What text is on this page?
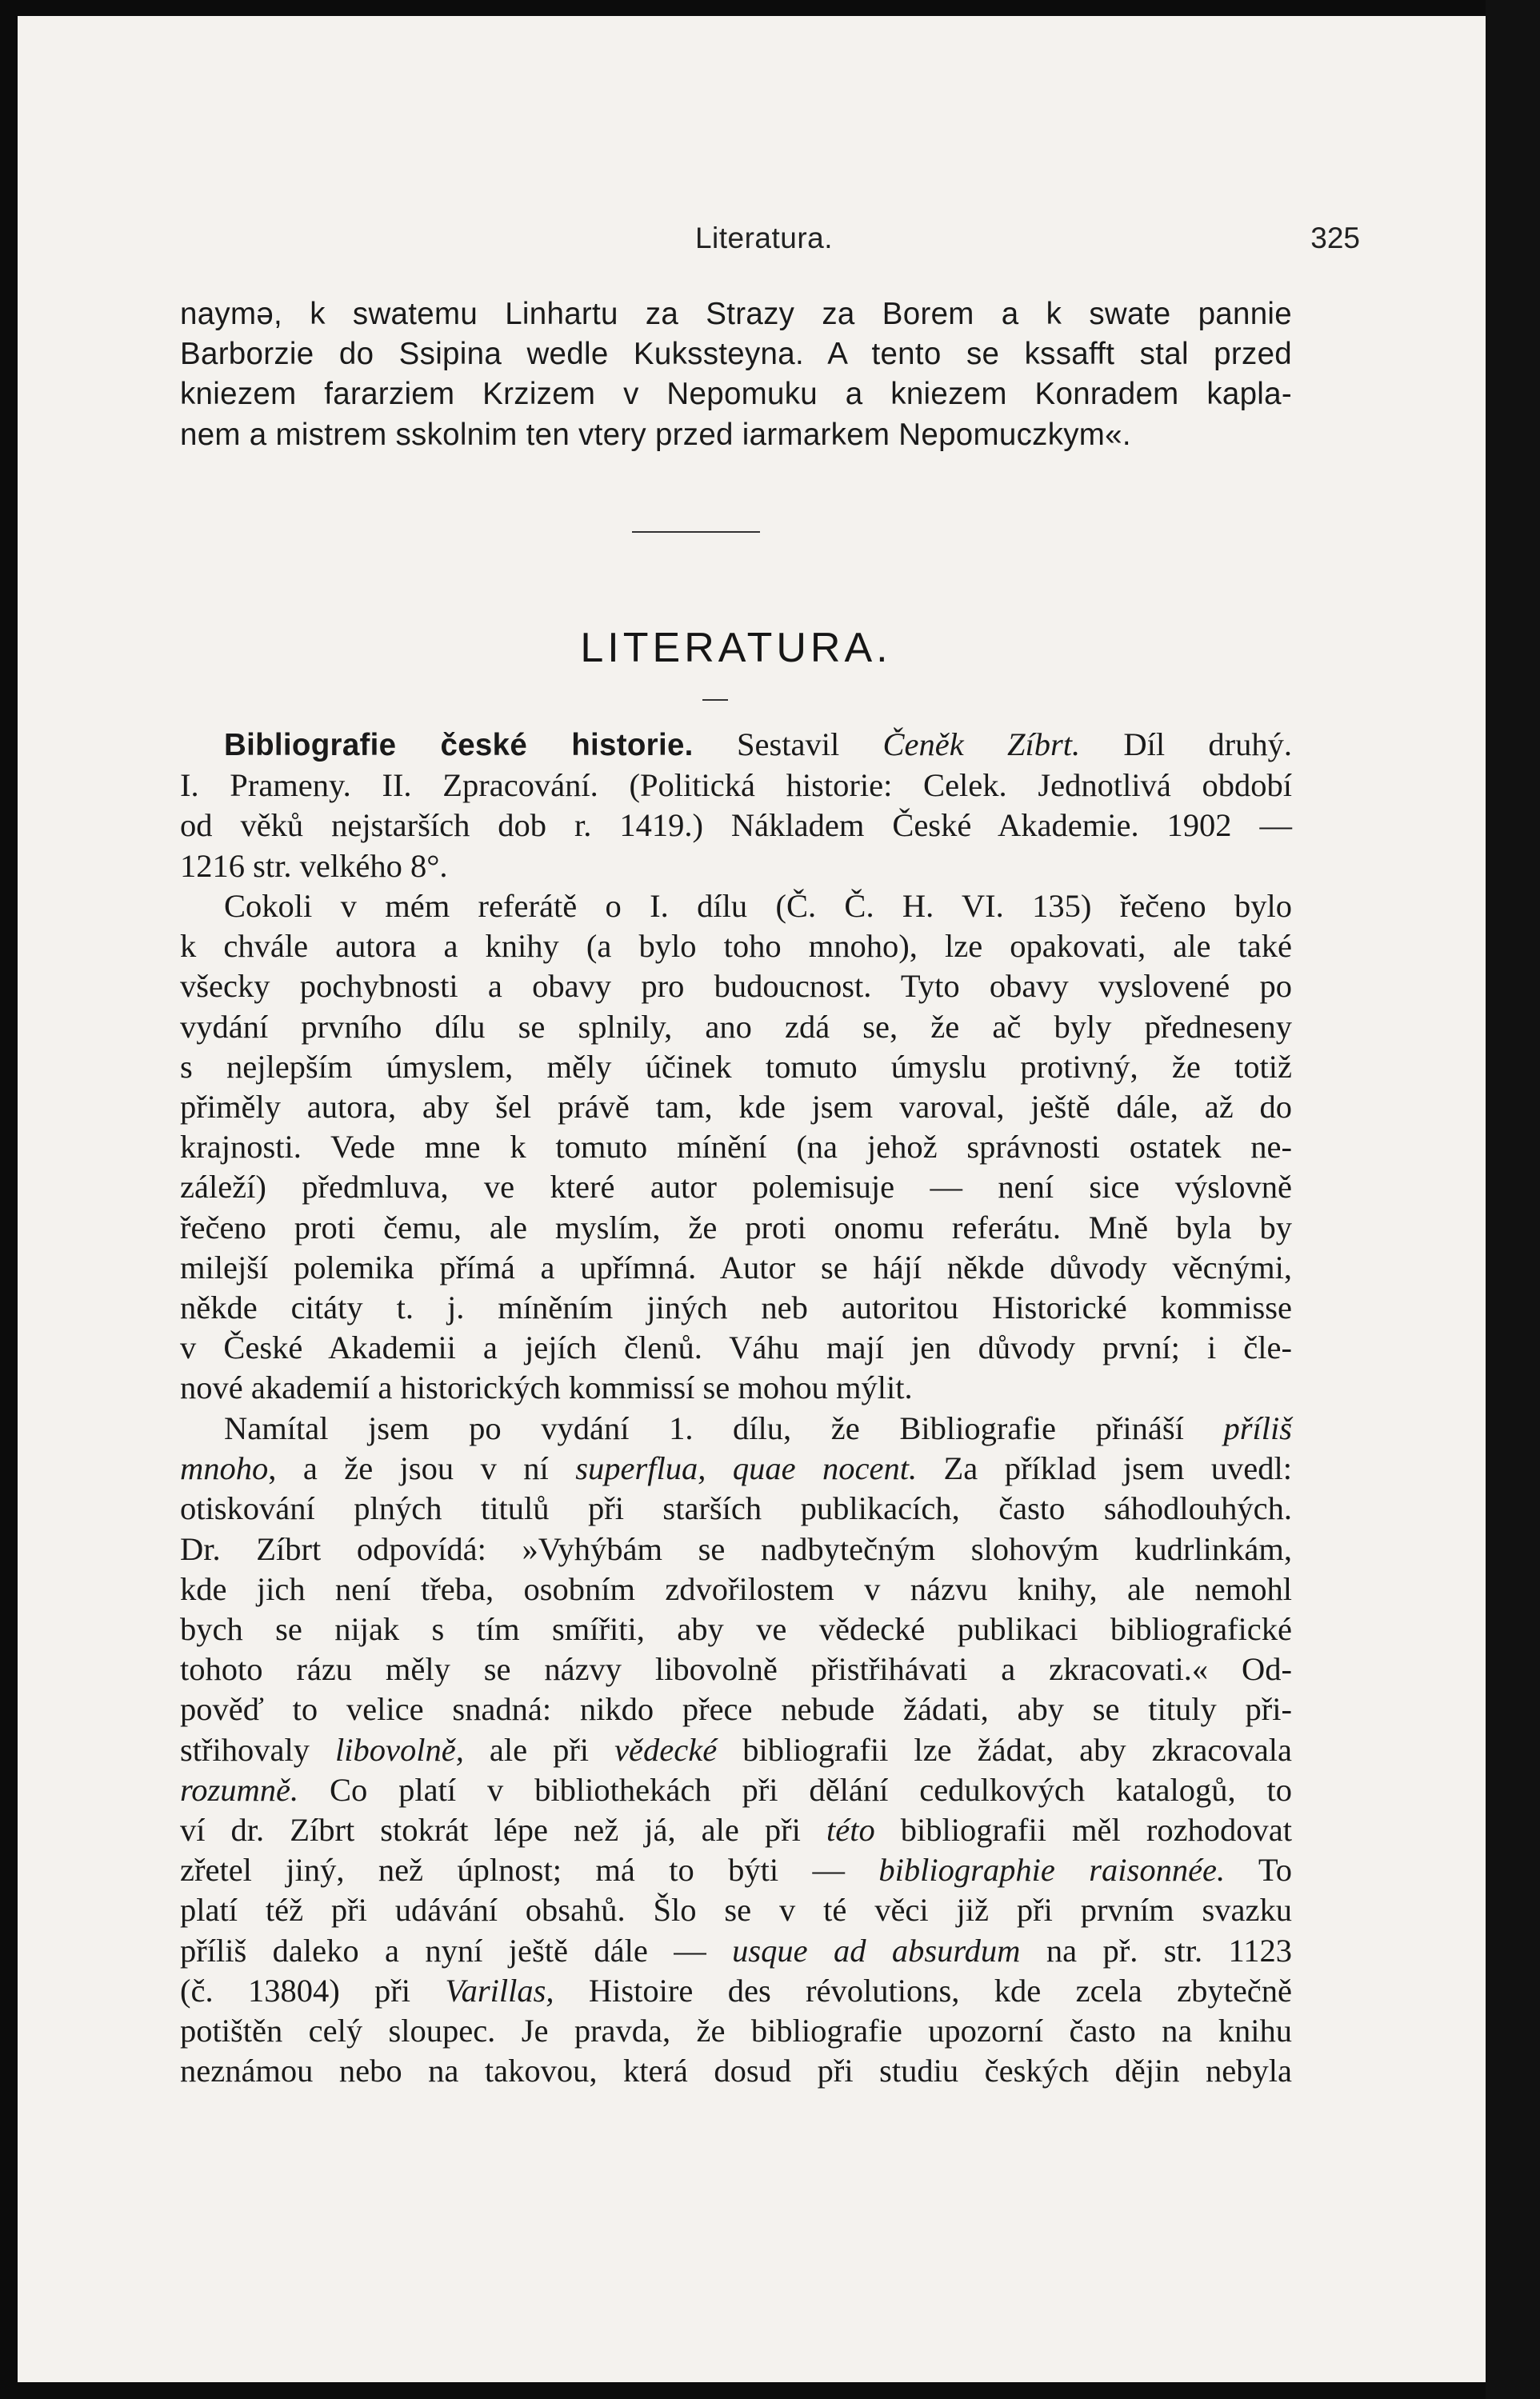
Literatura.	325
naymə, k swatemu Linhartu za Strazy za Borem a k swate pannie
Barborzie do Ssipina wedle Kukssteyna. A tento se kssafft stal przed
kniezem fararziem Krzizem v Nepomuku a kniezem Konradem kapla-
nem a mistrem sskolnim ten vtery przed iarmarkem Nepomuczkym«.
LITERATURA.
Bibliografie české historie. Sestavil Čeněk Zíbrt. Díl druhý.
I. Prameny. II. Zpracování. (Politická historie: Celek. Jednotlivá období
od věků nejstarších dob r. 1419.) Nákladem České Akademie. 1902 —
1216 str. velkého 8°.
Cokoli v mém referátě o I. dílu (Č. Č. H. VI. 135) řečeno bylo
k chvále autora a knihy (a bylo toho mnoho), lze opakovati, ale také
všecky pochybnosti a obavy pro budoucnost. Tyto obavy vyslovené po
vydání prvního dílu se splnily, ano zdá se, že ač byly předneseny
s nejlepším úmyslem, měly účinek tomuto úmyslu protivný, že totiž
přiměly autora, aby šel právě tam, kde jsem varoval, ještě dále, až do
krajnosti. Vede mne k tomuto mínění (na jehož správnosti ostatek ne-
záleží) předmluva, ve které autor polemisuje — není sice výslovně
řečeno proti čemu, ale myslím, že proti onomu referátu. Mně byla by
milejší polemika přímá a upřímná. Autor se hájí někde důvody věcnými,
někde citáty t. j. míněním jiných neb autoritou Historické kommisse
v České Akademii a jejích členů. Váhu mají jen důvody první; i čle-
nové akademií a historických kommissí se mohou mýlit.
Namítal jsem po vydání 1. dílu, že Bibliografie přináší příliš
mnoho, a že jsou v ní superflua, quae nocent. Za příklad jsem uvedl:
otiskování plných titulů při starších publikacích, často sáhodlouhých.
Dr. Zíbrt odpovídá: »Vyhýbám se nadbytečným slohovým kudrlinkám,
kde jich není třeba, osobním zdvořilostem v názvu knihy, ale nemohl
bych se nijak s tím smířiti, aby ve vědecké publikaci bibliografické
tohoto rázu měly se názvy libovolně přistřihávati a zkracovati.« Od-
pověď to velice snadná: nikdo přece nebude žádati, aby se tituly při-
střihovaly libovolně, ale při vědecké bibliografii lze žádat, aby zkracovala
rozumně. Co platí v bibliothekách při dělání cedulkových katalogů, to
ví dr. Zíbrt stokrát lépe než já, ale při této bibliografii měl rozhodovat
zřetel jiný, než úplnost; má to býti — bibliographie raisonnée. To
platí též při udávání obsahů. Šlo se v té věci již při prvním svazku
příliš daleko a nyní ještě dále — usque ad absurdum na př. str. 1123
(č. 13804) při Varillas, Histoire des révolutions, kde zcela zbytečně
potištěn celý sloupec. Je pravda, že bibliografie upozorní často na knihu
neznámou nebo na takovou, která dosud při studiu českých dějin nebyla
